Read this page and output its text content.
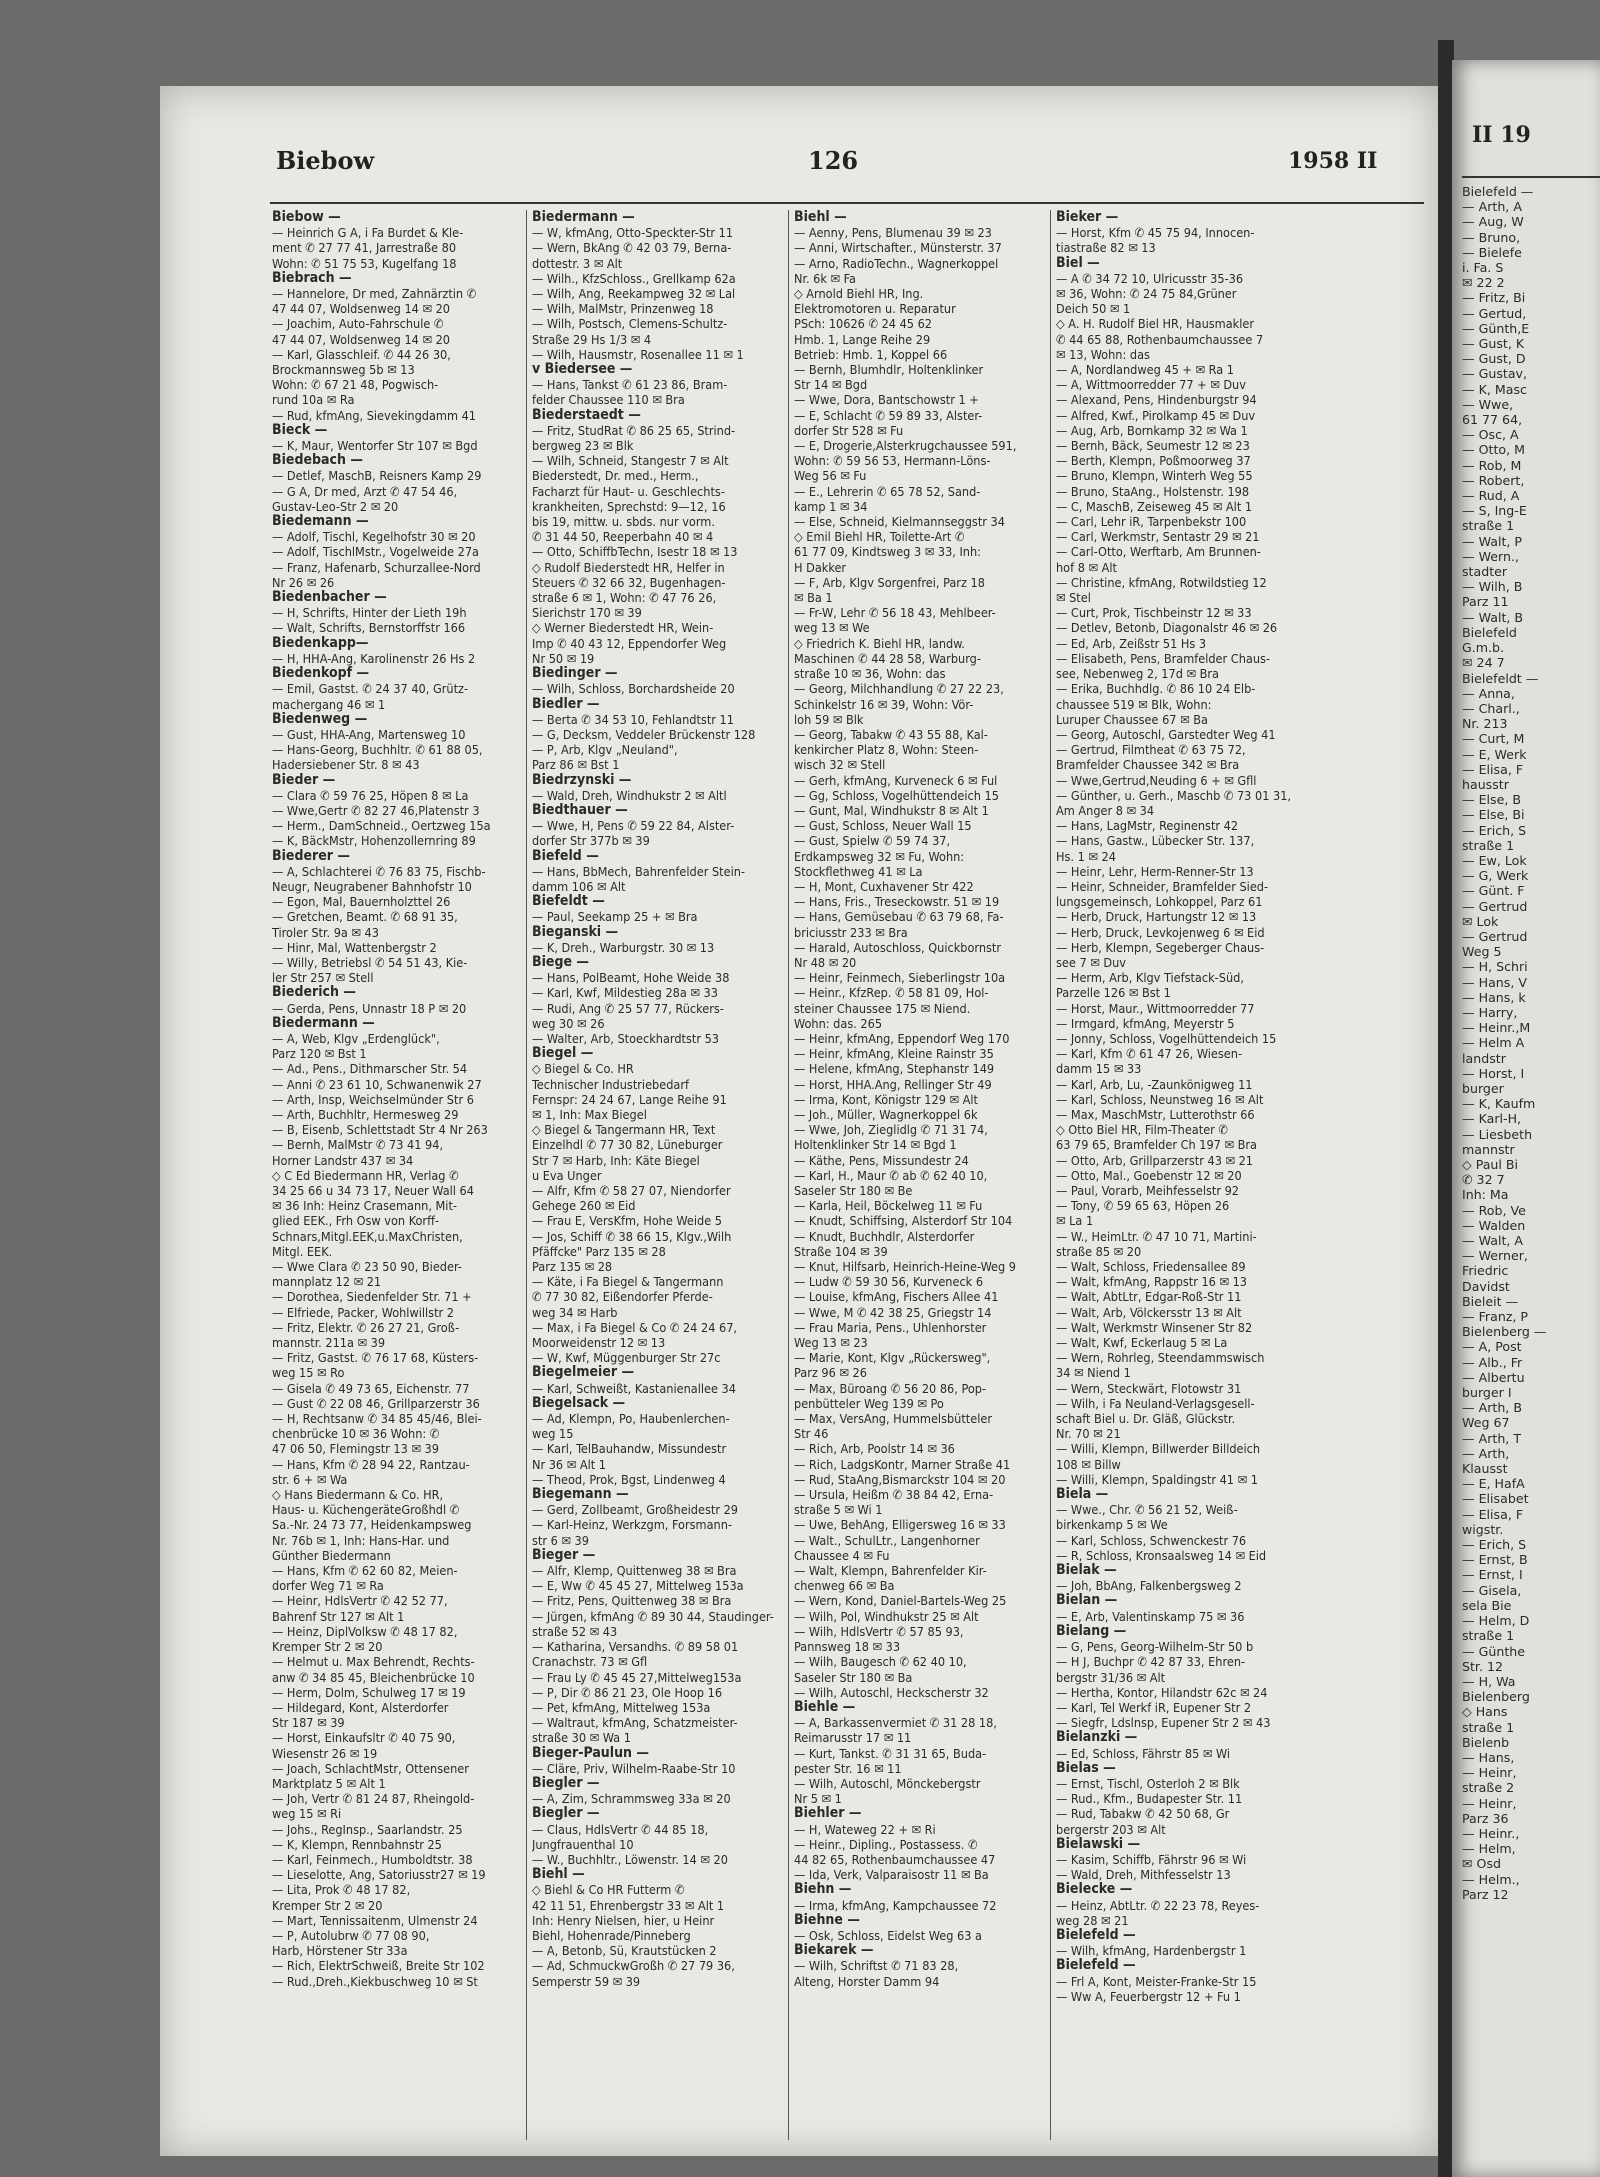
Biebow	126	1958 II
Biebow —
— Heinrich G A, i Fa Burdet & Kle-
ment ✆ 27 77 41, Jarrestraße 80
Wohn: ✆ 51 75 53, Kugelfang 18
Biebrach —
— Hannelore, Dr med, Zahnärztin ✆
47 44 07, Woldsenweg 14 ✉ 20
— Joachim, Auto-Fahrschule ✆
47 44 07, Woldsenweg 14 ✉ 20
— Karl, Glasschleif. ✆ 44 26 30,
Brockmannsweg 5b ✉ 13
Wohn: ✆ 67 21 48, Pogwisch-
rund 10a ✉ Ra
— Rud, kfmAng, Sievekingdamm 41
Bieck —
— K, Maur, Wentorfer Str 107 ✉ Bgd
Biedebach —
— Detlef, MaschB, Reisners Kamp 29
— G A, Dr med, Arzt ✆ 47 54 46,
Gustav-Leo-Str 2 ✉ 20
Biedemann —
— Adolf, Tischl, Kegelhofstr 30 ✉ 20
— Adolf, TischlMstr., Vogelweide 27a
— Franz, Hafenarb, Schurzallee-Nord
Nr 26 ✉ 26
Biedenbacher —
— H, Schrifts, Hinter der Lieth 19h
— Walt, Schrifts, Bernstorffstr 166
Biedenkapp—
— H, HHA-Ang, Karolinenstr 26 Hs 2
Biedenkopf —
— Emil, Gastst. ✆ 24 37 40, Grütz-
machergang 46 ✉ 1
Biedenweg —
— Gust, HHA-Ang, Martensweg 10
— Hans-Georg, Buchhltr. ✆ 61 88 05,
Hadersiebener Str. 8 ✉ 43
Bieder —
— Clara ✆ 59 76 25, Höpen 8 ✉ La
— Wwe,Gertr ✆ 82 27 46,Platenstr 3
— Herm., DamSchneid., Oertzweg 15a
— K, BäckMstr, Hohenzollernring 89
Biederer —
— A, Schlachterei ✆ 76 83 75, Fischb-
Neugr, Neugrabener Bahnhofstr 10
— Egon, Mal, Bauernholzttel 26
— Gretchen, Beamt. ✆ 68 91 35,
Tiroler Str. 9a ✉ 43
— Hinr, Mal, Wattenbergstr 2
— Willy, Betriebsl ✆ 54 51 43, Kie-
ler Str 257 ✉ Stell
Biederich —
— Gerda, Pens, Unnastr 18 P ✉ 20
Biedermann —
— A, Web, Klgv „Erdenglück",
Parz 120 ✉ Bst 1
— Ad., Pens., Dithmarscher Str. 54
— Anni ✆ 23 61 10, Schwanenwik 27
— Arth, Insp, Weichselmünder Str 6
— Arth, Buchhltr, Hermesweg 29
— B, Eisenb, Schlettstadt Str 4 Nr 263
— Bernh, MalMstr ✆ 73 41 94,
Horner Landstr 437 ✉ 34
◇ C Ed Biedermann HR, Verlag ✆
34 25 66 u 34 73 17, Neuer Wall 64
✉ 36 Inh: Heinz Crasemann, Mit-
glied EEK., Frh Osw von Korff-
Schnars,Mitgl.EEK,u.MaxChristen,
Mitgl. EEK.
— Wwe Clara ✆ 23 50 90, Bieder-
mannplatz 12 ✉ 21
— Dorothea, Siedenfelder Str. 71 +
— Elfriede, Packer, Wohlwillstr 2
— Fritz, Elektr. ✆ 26 27 21, Groß-
mannstr. 211a ✉ 39
— Fritz, Gastst. ✆ 76 17 68, Küsters-
weg 15 ✉ Ro
— Gisela ✆ 49 73 65, Eichenstr. 77
— Gust ✆ 22 08 46, Grillparzerstr 36
— H, Rechtsanw ✆ 34 85 45/46, Blei-
chenbrücke 10 ✉ 36 Wohn: ✆
47 06 50, Flemingstr 13 ✉ 39
— Hans, Kfm ✆ 28 94 22, Rantzau-
str. 6 + ✉ Wa
◇ Hans Biedermann & Co. HR,
Haus- u. KüchengeräteGroßhdl ✆
Sa.-Nr. 24 73 77, Heidenkampsweg
Nr. 76b ✉ 1, Inh: Hans-Har. und
Günther Biedermann
— Hans, Kfm ✆ 62 60 82, Meien-
dorfer Weg 71 ✉ Ra
— Heinr, HdlsVertr ✆ 42 52 77,
Bahrenf Str 127 ✉ Alt 1
— Heinz, DiplVolksw ✆ 48 17 82,
Kremper Str 2 ✉ 20
— Helmut u. Max Behrendt, Rechts-
anw ✆ 34 85 45, Bleichenbrücke 10
— Herm, Dolm, Schulweg 17 ✉ 19
— Hildegard, Kont, Alsterdorfer
Str 187 ✉ 39
— Horst, Einkaufsltr ✆ 40 75 90,
Wiesenstr 26 ✉ 19
— Joach, SchlachtMstr, Ottensener
Marktplatz 5 ✉ Alt 1
— Joh, Vertr ✆ 81 24 87, Rheingold-
weg 15 ✉ Ri
— Johs., RegInsp., Saarlandstr. 25
— K, Klempn, Rennbahnstr 25
— Karl, Feinmech., Humboldtstr. 38
— Lieselotte, Ang, Satoriusstr27 ✉ 19
— Lita, Prok ✆ 48 17 82,
Kremper Str 2 ✉ 20
— Mart, Tennissaitenm, Ulmenstr 24
— P, Autolubrw ✆ 77 08 90,
Harb, Hörstener Str 33a
— Rich, ElektrSchweiß, Breite Str 102
— Rud.,Dreh.,Kiekbuschweg 10 ✉ St
Biedermann —
— W, kfmAng, Otto-Speckter-Str 11
— Wern, BkAng ✆ 42 03 79, Berna-
dottestr. 3 ✉ Alt
— Wilh., KfzSchloss., Grellkamp 62a
— Wilh, Ang, Reekampweg 32 ✉ Lal
— Wilh, MalMstr, Prinzenweg 18
— Wilh, Postsch, Clemens-Schultz-
Straße 29 Hs 1/3 ✉ 4
— Wilh, Hausmstr, Rosenallee 11 ✉ 1
v Biedersee —
— Hans, Tankst ✆ 61 23 86, Bram-
felder Chaussee 110 ✉ Bra
Biederstaedt —
— Fritz, StudRat ✆ 86 25 65, Strind-
bergweg 23 ✉ Blk
— Wilh, Schneid, Stangestr 7 ✉ Alt
Biederstedt, Dr. med., Herm.,
Facharzt für Haut- u. Geschlechts-
krankheiten, Sprechstd: 9—12, 16
bis 19, mittw. u. sbds. nur vorm.
✆ 31 44 50, Reeperbahn 40 ✉ 4
— Otto, SchiffbTechn, Isestr 18 ✉ 13
◇ Rudolf Biederstedt HR, Helfer in
Steuers ✆ 32 66 32, Bugenhagen-
straße 6 ✉ 1, Wohn: ✆ 47 76 26,
Sierichstr 170 ✉ 39
◇ Werner Biederstedt HR, Wein-
Imp ✆ 40 43 12, Eppendorfer Weg
Nr 50 ✉ 19
Biedinger —
— Wilh, Schloss, Borchardsheide 20
Biedler —
— Berta ✆ 34 53 10, Fehlandtstr 11
— G, Decksm, Veddeler Brückenstr 128
— P, Arb, Klgv „Neuland",
Parz 86 ✉ Bst 1
Biedrzynski —
— Wald, Dreh, Windhukstr 2 ✉ Altl
Biedthauer —
— Wwe, H, Pens ✆ 59 22 84, Alster-
dorfer Str 377b ✉ 39
Biefeld —
— Hans, BbMech, Bahrenfelder Stein-
damm 106 ✉ Alt
Biefeldt —
— Paul, Seekamp 25 + ✉ Bra
Bieganski —
— K, Dreh., Warburgstr. 30 ✉ 13
Biege —
— Hans, PolBeamt, Hohe Weide 38
— Karl, Kwf, Mildestieg 28a ✉ 33
— Rudi, Ang ✆ 25 57 77, Rückers-
weg 30 ✉ 26
— Walter, Arb, Stoeckhardtstr 53
Biegel —
◇ Biegel & Co. HR
Technischer Industriebedarf
Fernspr: 24 24 67, Lange Reihe 91
✉ 1, Inh: Max Biegel
◇ Biegel & Tangermann HR, Text
Einzelhdl ✆ 77 30 82, Lüneburger
Str 7 ✉ Harb, Inh: Käte Biegel
u Eva Unger
— Alfr, Kfm ✆ 58 27 07, Niendorfer
Gehege 260 ✉ Eid
— Frau E, VersKfm, Hohe Weide 5
— Jos, Schiff ✆ 38 66 15, Klgv.,Wilh
Pfäffcke" Parz 135 ✉ 28
Parz 135 ✉ 28
— Käte, i Fa Biegel & Tangermann
✆ 77 30 82, Eißendorfer Pferde-
weg 34 ✉ Harb
— Max, i Fa Biegel & Co ✆ 24 24 67,
Moorweidenstr 12 ✉ 13
— W, Kwf, Müggenburger Str 27c
Biegelmeier —
— Karl, Schweißt, Kastanienallee 34
Biegelsack —
— Ad, Klempn, Po, Haubenlerchen-
weg 15
— Karl, TelBauhandw, Missundestr
Nr 36 ✉ Alt 1
— Theod, Prok, Bgst, Lindenweg 4
Biegemann —
— Gerd, Zollbeamt, Großheidestr 29
— Karl-Heinz, Werkzgm, Forsmann-
str 6 ✉ 39
Bieger —
— Alfr, Klemp, Quittenweg 38 ✉ Bra
— E, Ww ✆ 45 45 27, Mittelweg 153a
— Fritz, Pens, Quittenweg 38 ✉ Bra
— Jürgen, kfmAng ✆ 89 30 44, Staudinger-
straße 52 ✉ 43
— Katharina, Versandhs. ✆ 89 58 01
Cranachstr. 73 ✉ Gfl
— Frau Ly ✆ 45 45 27,Mittelweg153a
— P, Dir ✆ 86 21 23, Ole Hoop 16
— Pet, kfmAng, Mittelweg 153a
— Waltraut, kfmAng, Schatzmeister-
straße 30 ✉ Wa 1
Bieger-Paulun —
— Cläre, Priv, Wilhelm-Raabe-Str 10
Biegler —
— A, Zim, Schrammsweg 33a ✉ 20
Biegler —
— Claus, HdlsVertr ✆ 44 85 18,
Jungfrauenthal 10
— W., Buchhltr., Löwenstr. 14 ✉ 20
Biehl —
◇ Biehl & Co HR Futterm ✆
42 11 51, Ehrenbergstr 33 ✉ Alt 1
Inh: Henry Nielsen, hier, u Heinr
Biehl, Hohenrade/Pinneberg
— A, Betonb, Sü, Krautstücken 2
— Ad, SchmuckwGroßh ✆ 27 79 36,
Semperstr 59 ✉ 39
Biehl —
— Aenny, Pens, Blumenau 39 ✉ 23
— Anni, Wirtschafter., Münsterstr. 37
— Arno, RadioTechn., Wagnerkoppel
Nr. 6k ✉ Fa
◇ Arnold Biehl HR, Ing.
Elektromotoren u. Reparatur
PSch: 10626 ✆ 24 45 62
Hmb. 1, Lange Reihe 29
Betrieb: Hmb. 1, Koppel 66
— Bernh, Blumhdlr, Holtenklinker
Str 14 ✉ Bgd
— Wwe, Dora, Bantschowstr 1 +
— E, Schlacht ✆ 59 89 33, Alster-
dorfer Str 528 ✉ Fu
— E, Drogerie,Alsterkrugchaussee 591,
Wohn: ✆ 59 56 53, Hermann-Löns-
Weg 56 ✉ Fu
— E., Lehrerin ✆ 65 78 52, Sand-
kamp 1 ✉ 34
— Else, Schneid, Kielmannseggstr 34
◇ Emil Biehl HR, Toilette-Art ✆
61 77 09, Kindtsweg 3 ✉ 33, Inh:
H Dakker
— F, Arb, Klgv Sorgenfrei, Parz 18
✉ Ba 1
— Fr-W, Lehr ✆ 56 18 43, Mehlbeer-
weg 13 ✉ We
◇ Friedrich K. Biehl HR, landw.
Maschinen ✆ 44 28 58, Warburg-
straße 10 ✉ 36, Wohn: das
— Georg, Milchhandlung ✆ 27 22 23,
Schinkelstr 16 ✉ 39, Wohn: Vör-
loh 59 ✉ Blk
— Georg, Tabakw ✆ 43 55 88, Kal-
kenkircher Platz 8, Wohn: Steen-
wisch 32 ✉ Stell
— Gerh, kfmAng, Kurveneck 6 ✉ Ful
— Gg, Schloss, Vogelhüttendeich 15
— Gunt, Mal, Windhukstr 8 ✉ Alt 1
— Gust, Schloss, Neuer Wall 15
— Gust, Spielw ✆ 59 74 37,
Erdkampsweg 32 ✉ Fu, Wohn:
Stockflethweg 41 ✉ La
— H, Mont, Cuxhavener Str 422
— Hans, Fris., Treseckowstr. 51 ✉ 19
— Hans, Gemüsebau ✆ 63 79 68, Fa-
briciusstr 233 ✉ Bra
— Harald, Autoschloss, Quickbornstr
Nr 48 ✉ 20
— Heinr, Feinmech, Sieberlingstr 10a
— Heinr., KfzRep. ✆ 58 81 09, Hol-
steiner Chaussee 175 ✉ Niend.
Wohn: das. 265
— Heinr, kfmAng, Eppendorf Weg 170
— Heinr, kfmAng, Kleine Rainstr 35
— Helene, kfmAng, Stephanstr 149
— Horst, HHA.Ang, Rellinger Str 49
— Irma, Kont, Königstr 129 ✉ Alt
— Joh., Müller, Wagnerkoppel 6k
— Wwe, Joh, Zieglidlg ✆ 71 31 74,
Holtenklinker Str 14 ✉ Bgd 1
— Käthe, Pens, Missundestr 24
— Karl, H., Maur ✆ ab ✆ 62 40 10,
Saseler Str 180 ✉ Be
— Karla, Heil, Böckelweg 11 ✉ Fu
— Knudt, Schiffsing, Alsterdorf Str 104
— Knudt, Buchhdlr, Alsterdorfer
Straße 104 ✉ 39
— Knut, Hilfsarb, Heinrich-Heine-Weg 9
— Ludw ✆ 59 30 56, Kurveneck 6
— Louise, kfmAng, Fischers Allee 41
— Wwe, M ✆ 42 38 25, Griegstr 14
— Frau Maria, Pens., Uhlenhorster
Weg 13 ✉ 23
— Marie, Kont, Klgv „Rückersweg",
Parz 96 ✉ 26
— Max, Büroang ✆ 56 20 86, Pop-
penbütteler Weg 139 ✉ Po
— Max, VersAng, Hummelsbütteler
Str 46
— Rich, Arb, Poolstr 14 ✉ 36
— Rich, LadgsKontr, Marner Straße 41
— Rud, StaAng,Bismarckstr 104 ✉ 20
— Ursula, Heißm ✆ 38 84 42, Erna-
straße 5 ✉ Wi 1
— Uwe, BehAng, Elligersweg 16 ✉ 33
— Walt., SchulLtr., Langenhorner
Chaussee 4 ✉ Fu
— Walt, Klempn, Bahrenfelder Kir-
chenweg 66 ✉ Ba
— Wern, Kond, Daniel-Bartels-Weg 25
— Wilh, Pol, Windhukstr 25 ✉ Alt
— Wilh, HdlsVertr ✆ 57 85 93,
Pannsweg 18 ✉ 33
— Wilh, Baugesch ✆ 62 40 10,
Saseler Str 180 ✉ Ba
— Wilh, Autoschl, Heckscherstr 32
Biehle —
— A, Barkassenvermiet ✆ 31 28 18,
Reimarusstr 17 ✉ 11
— Kurt, Tankst. ✆ 31 31 65, Buda-
pester Str. 16 ✉ 11
— Wilh, Autoschl, Mönckebergstr
Nr 5 ✉ 1
Biehler —
— H, Wateweg 22 + ✉ Ri
— Heinr., Dipling., Postassess. ✆
44 82 65, Rothenbaumchaussee 47
— Ida, Verk, Valparaisostr 11 ✉ Ba
Biehn —
— Irma, kfmAng, Kampchaussee 72
Biehne —
— Osk, Schloss, Eidelst Weg 63 a
Biekarek —
— Wilh, Schriftst ✆ 71 83 28,
Alteng, Horster Damm 94
Bieker —
— Horst, Kfm ✆ 45 75 94, Innocen-
tiastraße 82 ✉ 13
Biel —
— A ✆ 34 72 10, Ulricusstr 35-36
✉ 36, Wohn: ✆ 24 75 84,Grüner
Deich 50 ✉ 1
◇ A. H. Rudolf Biel HR, Hausmakler
✆ 44 65 88, Rothenbaumchaussee 7
✉ 13, Wohn: das
— A, Nordlandweg 45 + ✉ Ra 1
— A, Wittmoorredder 77 + ✉ Duv
— Alexand, Pens, Hindenburgstr 94
— Alfred, Kwf., Pirolkamp 45 ✉ Duv
— Aug, Arb, Bornkamp 32 ✉ Wa 1
— Bernh, Bäck, Seumestr 12 ✉ 23
— Berth, Klempn, Poßmoorweg 37
— Bruno, Klempn, Winterh Weg 55
— Bruno, StaAng., Holstenstr. 198
— C, MaschB, Zeiseweg 45 ✉ Alt 1
— Carl, Lehr iR, Tarpenbekstr 100
— Carl, Werkmstr, Sentastr 29 ✉ 21
— Carl-Otto, Werftarb, Am Brunnen-
hof 8 ✉ Alt
— Christine, kfmAng, Rotwildstieg 12
✉ Stel
— Curt, Prok, Tischbeinstr 12 ✉ 33
— Detlev, Betonb, Diagonalstr 46 ✉ 26
— Ed, Arb, Zeißstr 51 Hs 3
— Elisabeth, Pens, Bramfelder Chaus-
see, Nebenweg 2, 17d ✉ Bra
— Erika, Buchhdlg. ✆ 86 10 24 Elb-
chaussee 519 ✉ Blk, Wohn:
Luruper Chaussee 67 ✉ Ba
— Georg, Autoschl, Garstedter Weg 41
— Gertrud, Filmtheat ✆ 63 75 72,
Bramfelder Chaussee 342 ✉ Bra
— Wwe,Gertrud,Neuding 6 + ✉ Gfll
— Günther, u. Gerh., Maschb ✆ 73 01 31,
Am Anger 8 ✉ 34
— Hans, LagMstr, Reginenstr 42
— Hans, Gastw., Lübecker Str. 137,
Hs. 1 ✉ 24
— Heinr, Lehr, Herm-Renner-Str 13
— Heinr, Schneider, Bramfelder Sied-
lungsgemeinsch, Lohkoppel, Parz 61
— Herb, Druck, Hartungstr 12 ✉ 13
— Herb, Druck, Levkojenweg 6 ✉ Eid
— Herb, Klempn, Segeberger Chaus-
see 7 ✉ Duv
— Herm, Arb, Klgv Tiefstack-Süd,
Parzelle 126 ✉ Bst 1
— Horst, Maur., Wittmoorredder 77
— Irmgard, kfmAng, Meyerstr 5
— Jonny, Schloss, Vogelhüttendeich 15
— Karl, Kfm ✆ 61 47 26, Wiesen-
damm 15 ✉ 33
— Karl, Arb, Lu, -Zaunkönigweg 11
— Karl, Schloss, Neunstweg 16 ✉ Alt
— Max, MaschMstr, Lutterothstr 66
◇ Otto Biel HR, Film-Theater ✆
63 79 65, Bramfelder Ch 197 ✉ Bra
— Otto, Arb, Grillparzerstr 43 ✉ 21
— Otto, Mal., Goebenstr 12 ✉ 20
— Paul, Vorarb, Meihfesselstr 92
— Tony, ✆ 59 65 63, Höpen 26
✉ La 1
— W., HeimLtr. ✆ 47 10 71, Martini-
straße 85 ✉ 20
— Walt, Schloss, Friedensallee 89
— Walt, kfmAng, Rappstr 16 ✉ 13
— Walt, AbtLtr, Edgar-Roß-Str 11
— Walt, Arb, Völckersstr 13 ✉ Alt
— Walt, Werkmstr Winsener Str 82
— Walt, Kwf, Eckerlaug 5 ✉ La
— Wern, Rohrleg, Steendammswisch
34 ✉ Niend 1
— Wern, Steckwärt, Flotowstr 31
— Wilh, i Fa Neuland-Verlagsgesell-
schaft Biel u. Dr. Gläß, Glückstr.
Nr. 70 ✉ 21
— Willi, Klempn, Billwerder Billdeich
108 ✉ Billw
— Willi, Klempn, Spaldingstr 41 ✉ 1
Biela —
— Wwe., Chr. ✆ 56 21 52, Weiß-
birkenkamp 5 ✉ We
— Karl, Schloss, Schwenckestr 76
— R, Schloss, Kronsaalsweg 14 ✉ Eid
Bielak —
— Joh, BbAng, Falkenbergsweg 2
Bielan —
— E, Arb, Valentinskamp 75 ✉ 36
Bielang —
— G, Pens, Georg-Wilhelm-Str 50 b
— H J, Buchpr ✆ 42 87 33, Ehren-
bergstr 31/36 ✉ Alt
— Hertha, Kontor, Hilandstr 62c ✉ 24
— Karl, Tel Werkf iR, Eupener Str 2
— Siegfr, Ldslnsp, Eupener Str 2 ✉ 43
Bielanzki —
— Ed, Schloss, Fährstr 85 ✉ Wi
Bielas —
— Ernst, Tischl, Osterloh 2 ✉ Blk
— Rud., Kfm., Budapester Str. 11
— Rud, Tabakw ✆ 42 50 68, Gr
bergerstr 203 ✉ Alt
Bielawski —
— Kasim, Schiffb, Fährstr 96 ✉ Wi
— Wald, Dreh, Mithfesselstr 13
Bielecke —
— Heinz, AbtLtr. ✆ 22 23 78, Reyes-
weg 28 ✉ 21
Bielefeld —
— Wilh, kfmAng, Hardenbergstr 1
Bielefeld —
— Frl A, Kont, Meister-Franke-Str 15
— Ww A, Feuerbergstr 12 + Fu 1
II 19
Bielefeld —
— Arth, A
— Aug, W
— Bruno,
— Bielefe
i. Fa. S
✉ 22 2
— Fritz, Bi
— Gertud,
— Günth,E
— Gust, K
— Gust, D
— Gustav,
— K, Masc
— Wwe,
61 77 64,
— Osc, A
— Otto, M
— Rob, M
— Robert,
— Rud, A
— S, Ing-E
straße 1
— Walt, P
— Wern.,
stadter
— Wilh, B
Parz 11
— Walt, B
Bielefeld
G.m.b.
✉ 24 7
Bielefeldt —
— Anna,
— Charl.,
Nr. 213
— Curt, M
— E, Werk
— Elisa, F
hausstr
— Else, B
— Else, Bi
— Erich, S
straße 1
— Ew, Lok
— G, Werk
— Günt. F
— Gertrud
✉ Lok
— Gertrud
Weg 5
— H, Schri
— Hans, V
— Hans, k
— Harry,
— Heinr.,M
— Helm A
landstr
— Horst, I
burger
— K, Kaufm
— Karl-H,
— Liesbeth
mannstr
◇ Paul Bi
✆ 32 7
Inh: Ma
— Rob, Ve
— Walden
— Walt, A
— Werner,
Friedric
Davidst
Bieleit —
— Franz, P
Bielenberg —
— A, Post
— Alb., Fr
— Albertu
burger I
— Arth, B
Weg 67
— Arth, T
— Arth,
Klausst
— E, HafA
— Elisabet
— Elisa, F
wigstr.
— Erich, S
— Ernst, B
— Ernst, I
— Gisela,
sela Bie
— Helm, D
straße 1
— Günthe
Str. 12
— H, Wa
Bielenberg
◇ Hans
straße 1
Bielenb
— Hans,
— Heinr,
straße 2
— Heinr,
Parz 36
— Heinr.,
— Helm,
✉ Osd
— Helm.,
Parz 12
